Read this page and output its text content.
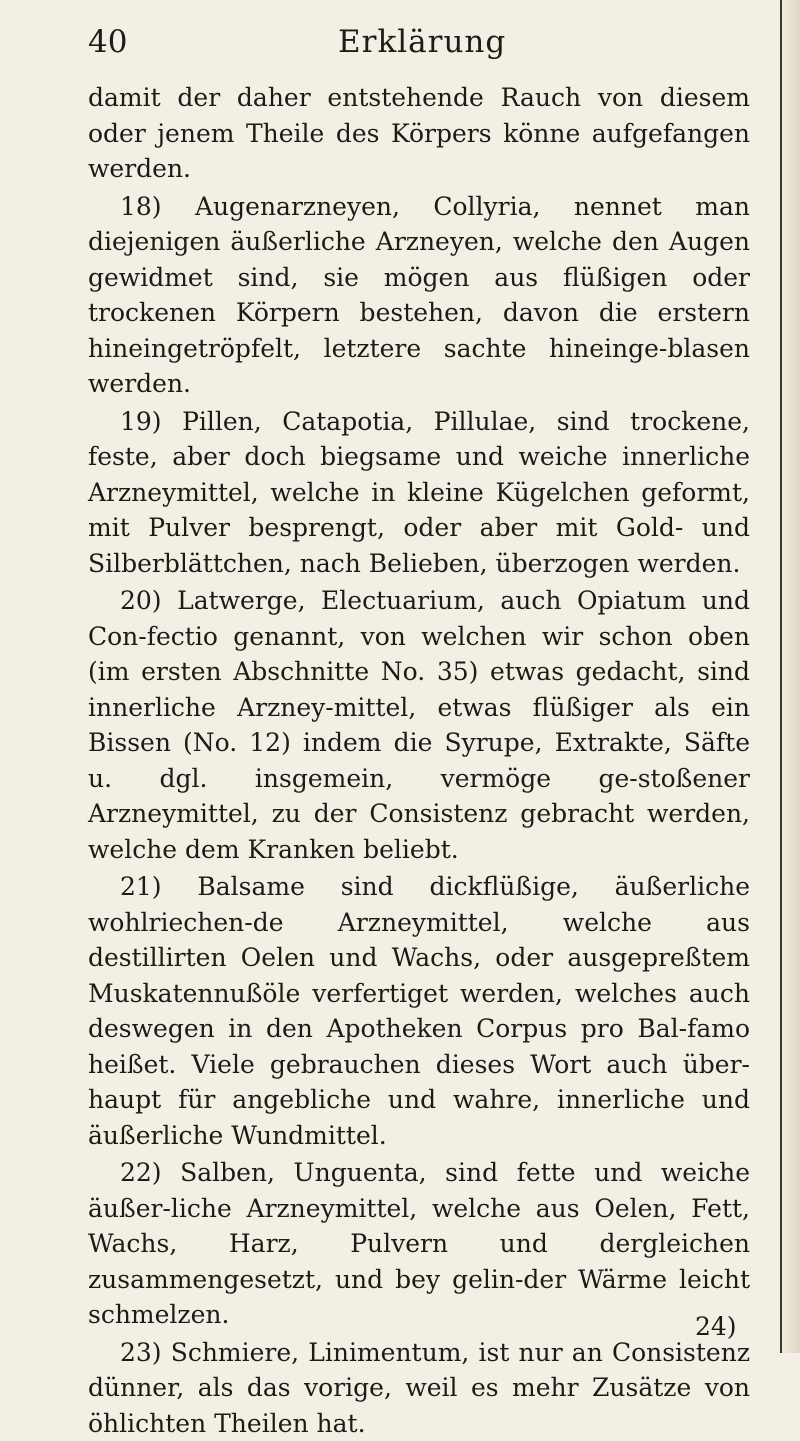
40	Erklärung

damit der daher entstehende Rauch von diesem oder jenem Theile des Körpers könne aufgefangen werden.

18) Augenarzneyen, Collyria, nennet man diejenigen äußerliche Arzneyen, welche den Augen gewidmet sind, sie mögen aus flüßigen oder trockenen Körpern bestehen, davon die erstern hineingetröpfelt, letztere sachte hineinge-blasen werden.

19) Pillen, Catapotia, Pillulae, sind trockene, feste, aber doch biegsame und weiche innerliche Arzneymittel, welche in kleine Kügelchen geformt, mit Pulver besprengt, oder aber mit Gold- und Silberblättchen, nach Belieben, überzogen werden.

20) Latwerge, Electuarium, auch Opiatum und Con-fectio genannt, von welchen wir schon oben (im ersten Abschnitte No. 35) etwas gedacht, sind innerliche Arzney-mittel, etwas flüßiger als ein Bissen (No. 12) indem die Syrupe, Extrakte, Säfte u. dgl. insgemein, vermöge ge-stoßener Arzneymittel, zu der Consistenz gebracht werden, welche dem Kranken beliebt.

21) Balsame sind dickflüßige, äußerliche wohlriechen-de Arzneymittel, welche aus destillirten Oelen und Wachs, oder ausgepreßtem Muskatennußöle verfertiget werden, welches auch deswegen in den Apotheken Corpus pro Bal-famo heißet. Viele gebrauchen dieses Wort auch über-haupt für angebliche und wahre, innerliche und äußerliche Wundmittel.

22) Salben, Unguenta, sind fette und weiche äußer-liche Arzneymittel, welche aus Oelen, Fett, Wachs, Harz, Pulvern und dergleichen zusammengesetzt, und bey gelin-der Wärme leicht schmelzen.

23) Schmiere, Linimentum, ist nur an Consistenz dünner, als das vorige, weil es mehr Zusätze von öhlichten Theilen hat.

24)
